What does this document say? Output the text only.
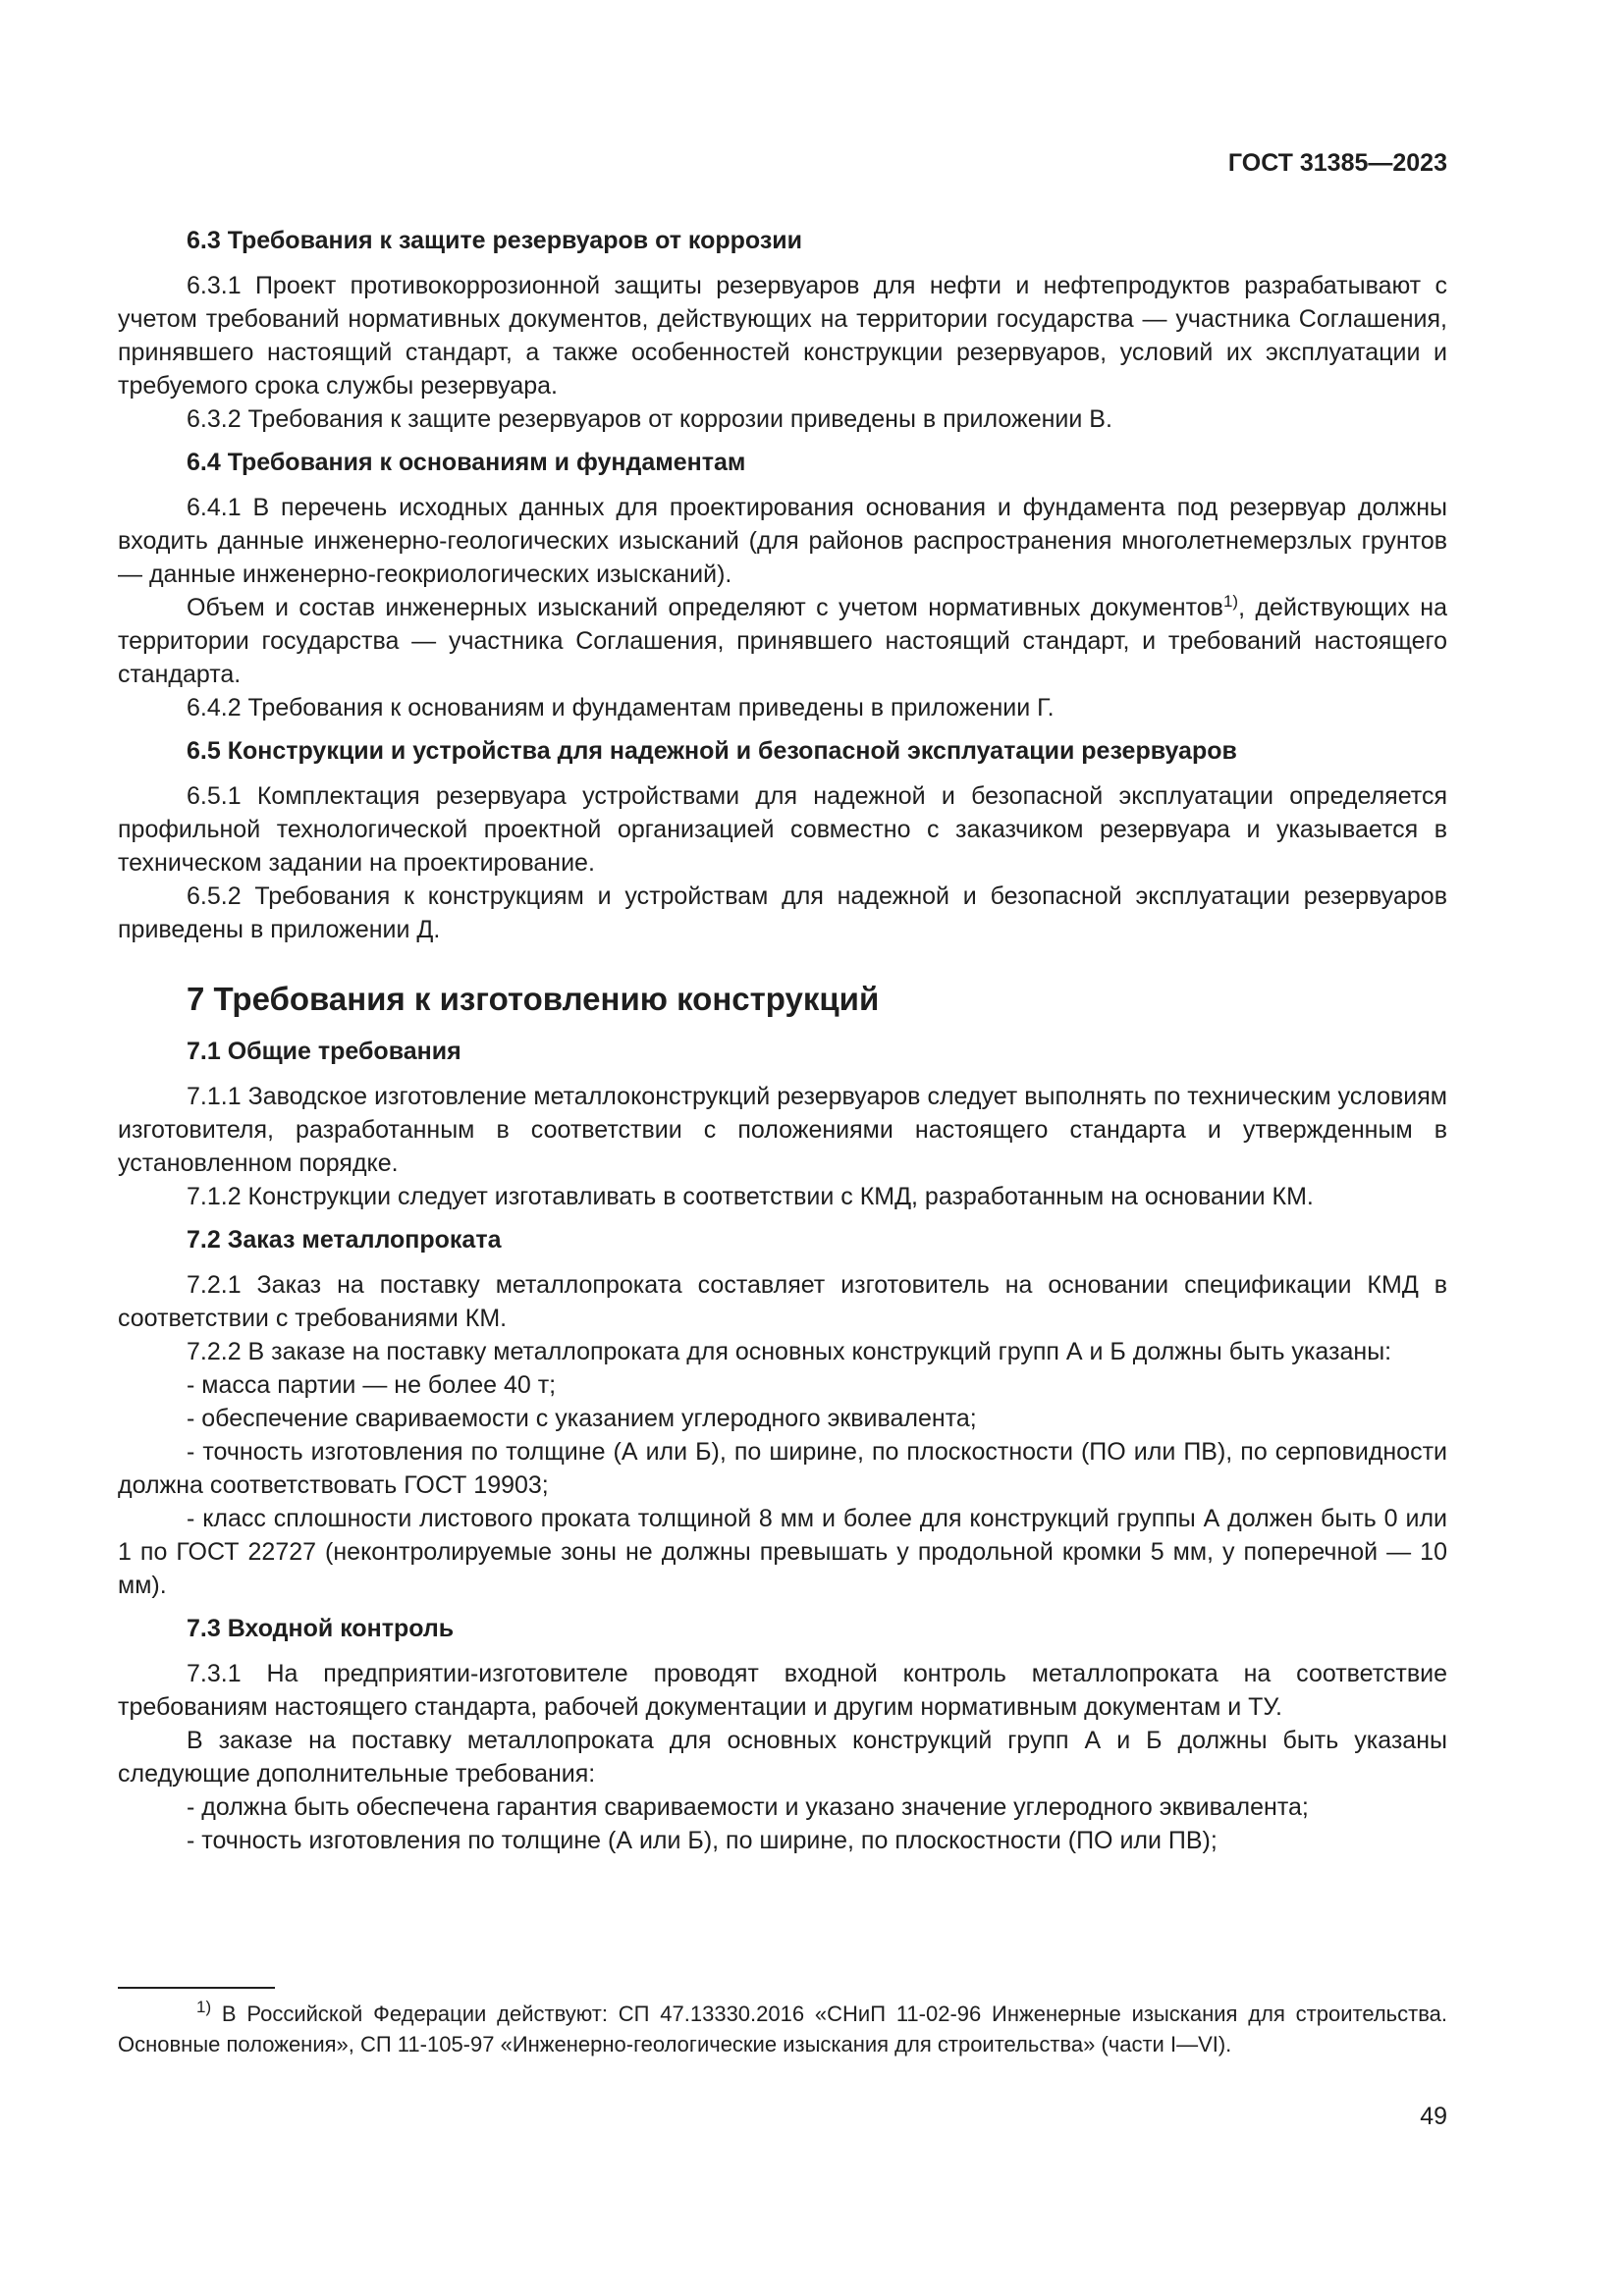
ГОСТ 31385—2023
6.3 Требования к защите резервуаров от коррозии

6.3.1 Проект противокоррозионной защиты резервуаров для нефти и нефтепродуктов разрабатывают с учетом требований нормативных документов, действующих на территории государства — участника Соглашения, принявшего настоящий стандарт, а также особенностей конструкции резервуаров, условий их эксплуатации и требуемого срока службы резервуара.

6.3.2 Требования к защите резервуаров от коррозии приведены в приложении В.

6.4 Требования к основаниям и фундаментам

6.4.1 В перечень исходных данных для проектирования основания и фундамента под резервуар должны входить данные инженерно-геологических изысканий (для районов распространения многолетнемерзлых грунтов — данные инженерно-геокриологических изысканий).

Объем и состав инженерных изысканий определяют с учетом нормативных документов$^{1)}$, действующих на территории государства — участника Соглашения, принявшего настоящий стандарт, и требований настоящего стандарта.

6.4.2 Требования к основаниям и фундаментам приведены в приложении Г.

6.5 Конструкции и устройства для надежной и безопасной эксплуатации резервуаров

6.5.1 Комплектация резервуара устройствами для надежной и безопасной эксплуатации определяется профильной технологической проектной организацией совместно с заказчиком резервуара и указывается в техническом задании на проектирование.

6.5.2 Требования к конструкциям и устройствам для надежной и безопасной эксплуатации резервуаров приведены в приложении Д.

7 Требования к изготовлению конструкций
7.1 Общие требования

7.1.1 Заводское изготовление металлоконструкций резервуаров следует выполнять по техническим условиям изготовителя, разработанным в соответствии с положениями настоящего стандарта и утвержденным в установленном порядке.

7.1.2 Конструкции следует изготавливать в соответствии с КМД, разработанным на основании КМ.

7.2 Заказ металлопроката

7.2.1 Заказ на поставку металлопроката составляет изготовитель на основании спецификации КМД в соответствии с требованиями КМ.

7.2.2 В заказе на поставку металлопроката для основных конструкций групп А и Б должны быть указаны:

- масса партии — не более 40 т;

- обеспечение свариваемости с указанием углеродного эквивалента;

- точность изготовления по толщине (А или Б), по ширине, по плоскостности (ПО или ПВ), по серповидности должна соответствовать ГОСТ 19903;

- класс сплошности листового проката толщиной 8 мм и более для конструкций группы А должен быть 0 или 1 по ГОСТ 22727 (неконтролируемые зоны не должны превышать у продольной кромки 5 мм, у поперечной — 10 мм).

7.3 Входной контроль

7.3.1 На предприятии-изготовителе проводят входной контроль металлопроката на соответствие требованиям настоящего стандарта, рабочей документации и другим нормативным документам и ТУ.

В заказе на поставку металлопроката для основных конструкций групп А и Б должны быть указаны следующие дополнительные требования:

- должна быть обеспечена гарантия свариваемости и указано значение углеродного эквивалента;

- точность изготовления по толщине (А или Б), по ширине, по плоскостности (ПО или ПВ);

$^{1)}$ В Российской Федерации действуют: СП 47.13330.2016 «СНиП 11-02-96 Инженерные изыскания для строительства. Основные положения», СП 11-105-97 «Инженерно-геологические изыскания для строительства» (части I—VI).

49
